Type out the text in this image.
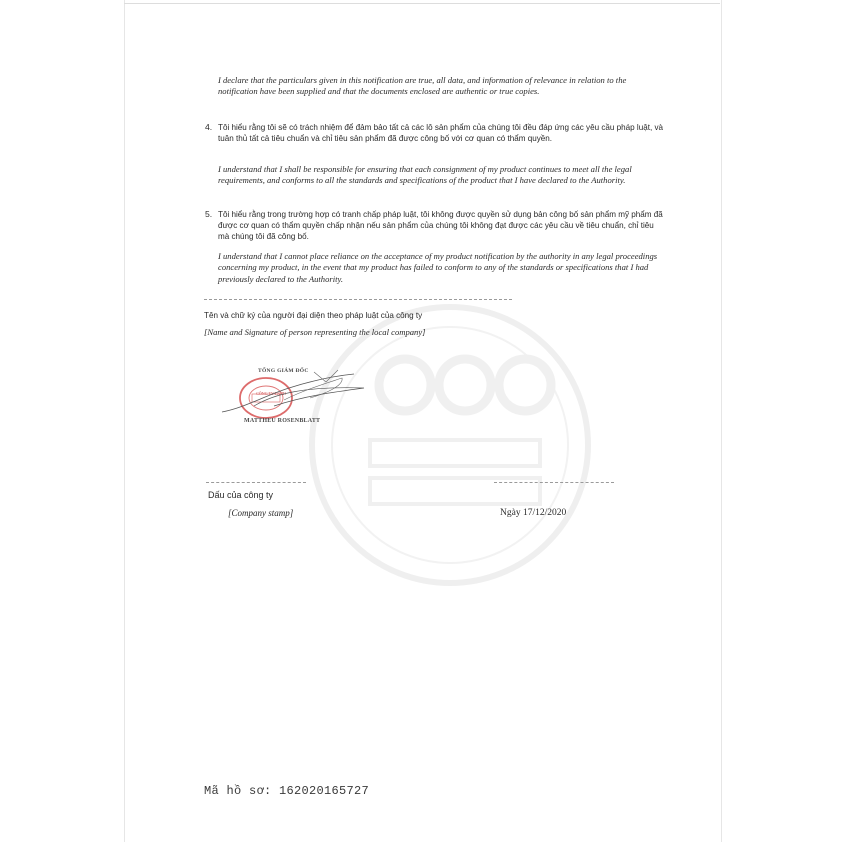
I declare that the particulars given in this notification are true, all data, and information of relevance in relation to the notification have been supplied and that the documents enclosed are authentic or true copies.
4. Tôi hiểu rằng tôi sẽ có trách nhiệm để đảm bảo tất cả các lô sản phẩm của chúng tôi đều đáp ứng các yêu cầu pháp luật, và tuân thủ tất cả tiêu chuẩn và chỉ tiêu sản phẩm đã được công bố với cơ quan có thẩm quyền.
I understand that I shall be responsible for ensuring that each consignment of my product continues to meet all the legal requirements, and conforms to all the standards and specifications of the product that I have declared to the Authority.
5. Tôi hiểu rằng trong trường hợp có tranh chấp pháp luật, tôi không được quyền sử dụng bản công bố sản phẩm mỹ phẩm đã được cơ quan có thẩm quyền chấp nhận nếu sản phẩm của chúng tôi không đạt được các yêu cầu về tiêu chuẩn, chỉ tiêu mà chúng tôi đã công bố.
I understand that I cannot place reliance on the acceptance of my product notification by the authority in any legal proceedings concerning my product, in the event that my product has failed to conform to any of the standards or specifications that I had previously declared to the Authority.
Tên và chữ ký của người đại diện theo pháp luật của công ty
[Name and Signature of person representing the local company]
TỔNG GIÁM ĐỐC
CÔNG TY TNHH
MATTHEU ROSENBLATT
Dấu của công ty
[Company stamp]	Ngày 17/12/2020
Mã hồ sơ: 162020165727
